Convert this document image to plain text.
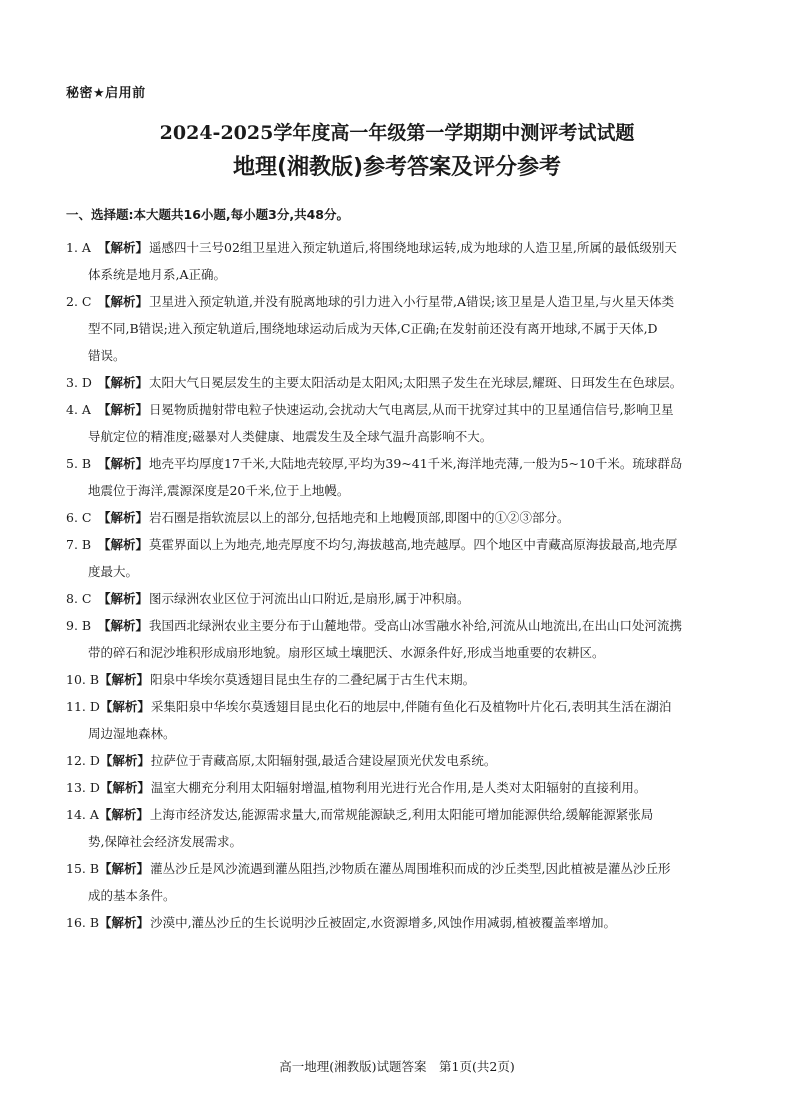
秘密★启用前
2024-2025学年度高一年级第一学期期中测评考试试题
地理(湘教版)参考答案及评分参考
一、选择题:本大题共16小题,每小题3分,共48分。

1. A 【解析】遥感四十三号02组卫星进入预定轨道后,将围绕地球运转,成为地球的人造卫星,所属的最低级别天
体系统是地月系,A正确。

2. C 【解析】卫星进入预定轨道,并没有脱离地球的引力进入小行星带,A错误;该卫星是人造卫星,与火星天体类
型不同,B错误;进入预定轨道后,围绕地球运动后成为天体,C正确;在发射前还没有离开地球,不属于天体,D
错误。

3. D 【解析】太阳大气日冕层发生的主要太阳活动是太阳风;太阳黑子发生在光球层,耀斑、日珥发生在色球层。

4. A 【解析】日冕物质抛射带电粒子快速运动,会扰动大气电离层,从而干扰穿过其中的卫星通信信号,影响卫星
导航定位的精准度;磁暴对人类健康、地震发生及全球气温升高影响不大。

5. B 【解析】地壳平均厚度17千米,大陆地壳较厚,平均为39~41千米,海洋地壳薄,一般为5~10千米。琉球群岛
地震位于海洋,震源深度是20千米,位于上地幔。

6. C 【解析】岩石圈是指软流层以上的部分,包括地壳和上地幔顶部,即图中的①②③部分。

7. B 【解析】莫霍界面以上为地壳,地壳厚度不均匀,海拔越高,地壳越厚。四个地区中青藏高原海拔最高,地壳厚
度最大。

8. C 【解析】图示绿洲农业区位于河流出山口附近,是扇形,属于冲积扇。

9. B 【解析】我国西北绿洲农业主要分布于山麓地带。受高山冰雪融水补给,河流从山地流出,在出山口处河流携
带的碎石和泥沙堆积形成扇形地貌。扇形区域土壤肥沃、水源条件好,形成当地重要的农耕区。

10. B【解析】阳泉中华埃尔莫透翅目昆虫生存的二叠纪属于古生代末期。

11. D【解析】采集阳泉中华埃尔莫透翅目昆虫化石的地层中,伴随有鱼化石及植物叶片化石,表明其生活在湖泊
周边湿地森林。

12. D【解析】拉萨位于青藏高原,太阳辐射强,最适合建设屋顶光伏发电系统。

13. D【解析】温室大棚充分利用太阳辐射增温,植物利用光进行光合作用,是人类对太阳辐射的直接利用。

14. A【解析】上海市经济发达,能源需求量大,而常规能源缺乏,利用太阳能可增加能源供给,缓解能源紧张局
势,保障社会经济发展需求。

15. B【解析】灌丛沙丘是风沙流遇到灌丛阻挡,沙物质在灌丛周围堆积而成的沙丘类型,因此植被是灌丛沙丘形
成的基本条件。

16. B【解析】沙漠中,灌丛沙丘的生长说明沙丘被固定,水资源增多,风蚀作用减弱,植被覆盖率增加。

高一地理(湘教版)试题答案　第1页(共2页)
